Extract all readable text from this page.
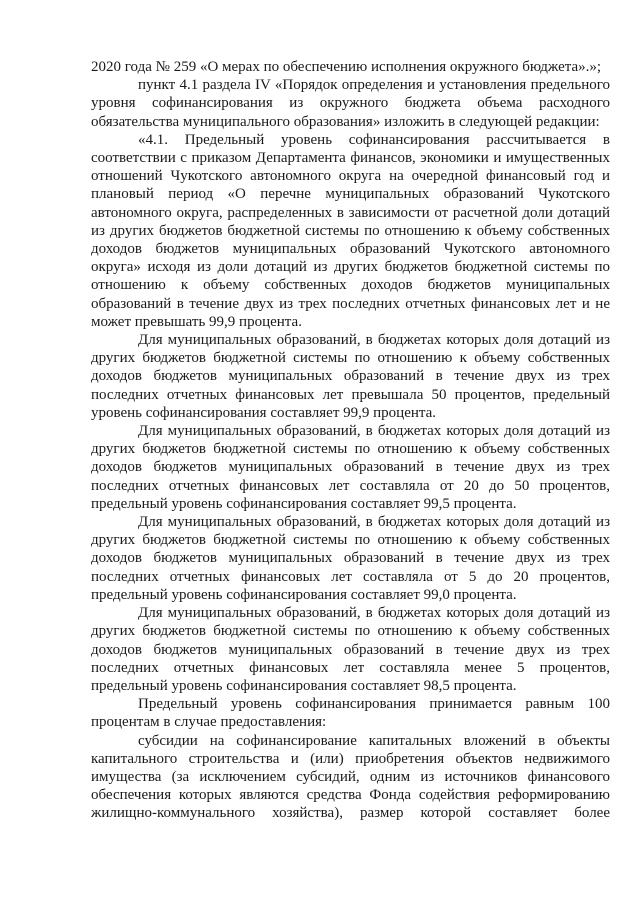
2020 года № 259 «О мерах по обеспечению исполнения окружного бюджета».»;

пункт 4.1 раздела IV «Порядок определения и установления предельного уровня софинансирования из окружного бюджета объема расходного обязательства муниципального образования» изложить в следующей редакции:

«4.1. Предельный уровень софинансирования рассчитывается в соответствии с приказом Департамента финансов, экономики и имущественных отношений Чукотского автономного округа на очередной финансовый год и плановый период «О перечне муниципальных образований Чукотского автономного округа, распределенных в зависимости от расчетной доли дотаций из других бюджетов бюджетной системы по отношению к объему собственных доходов бюджетов муниципальных образований Чукотского автономного округа» исходя из доли дотаций из других бюджетов бюджетной системы по отношению к объему собственных доходов бюджетов муниципальных образований в течение двух из трех последних отчетных финансовых лет и не может превышать 99,9 процента.

Для муниципальных образований, в бюджетах которых доля дотаций из других бюджетов бюджетной системы по отношению к объему собственных доходов бюджетов муниципальных образований в течение двух из трех последних отчетных финансовых лет превышала 50 процентов, предельный уровень софинансирования составляет 99,9 процента.

Для муниципальных образований, в бюджетах которых доля дотаций из других бюджетов бюджетной системы по отношению к объему собственных доходов бюджетов муниципальных образований в течение двух из трех последних отчетных финансовых лет составляла от 20 до 50 процентов, предельный уровень софинансирования составляет 99,5 процента.

Для муниципальных образований, в бюджетах которых доля дотаций из других бюджетов бюджетной системы по отношению к объему собственных доходов бюджетов муниципальных образований в течение двух из трех последних отчетных финансовых лет составляла от 5 до 20 процентов, предельный уровень софинансирования составляет 99,0 процента.

Для муниципальных образований, в бюджетах которых доля дотаций из других бюджетов бюджетной системы по отношению к объему собственных доходов бюджетов муниципальных образований в течение двух из трех последних отчетных финансовых лет составляла менее 5 процентов, предельный уровень софинансирования составляет 98,5 процента.

Предельный уровень софинансирования принимается равным 100 процентам в случае предоставления:

субсидии на софинансирование капитальных вложений в объекты капитального строительства и (или) приобретения объектов недвижимого имущества (за исключением субсидий, одним из источников финансового обеспечения которых являются средства Фонда содействия реформированию жилищно-коммунального хозяйства), размер которой составляет более
